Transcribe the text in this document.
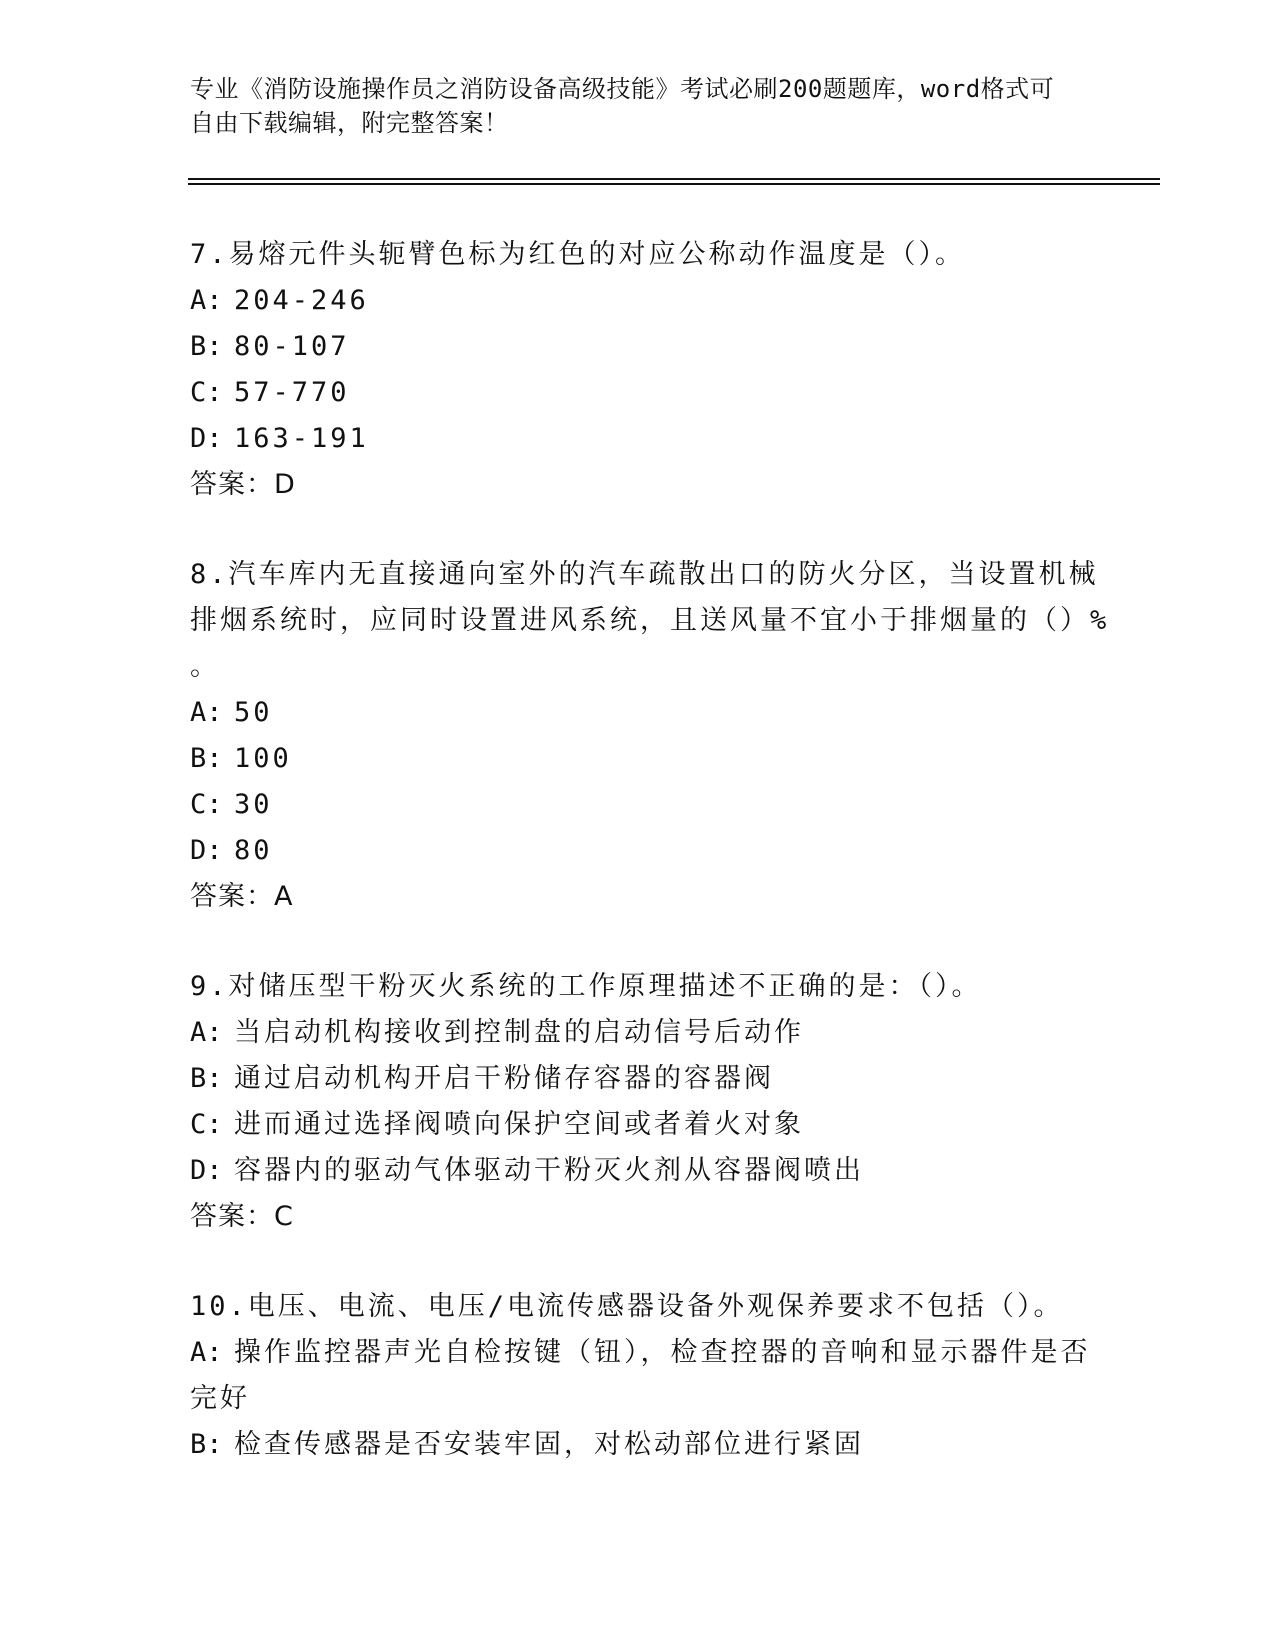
专业《消防设施操作员之消防设备高级技能》考试必刷200题题库，word格式可
自由下载编辑，附完整答案！
7.易熔元件头轭臂色标为红色的对应公称动作温度是（）。
A: 204-246
B: 80-107
C: 57-770
D: 163-191
答案：D
8.汽车库内无直接通向室外的汽车疏散出口的防火分区，当设置机械
排烟系统时，应同时设置进风系统，且送风量不宜小于排烟量的（）%
。
A: 50
B: 100
C: 30
D: 80
答案：A
9.对储压型干粉灭火系统的工作原理描述不正确的是：（）。
A: 当启动机构接收到控制盘的启动信号后动作
B: 通过启动机构开启干粉储存容器的容器阀
C: 进而通过选择阀喷向保护空间或者着火对象
D: 容器内的驱动气体驱动干粉灭火剂从容器阀喷出
答案：C
10.电压、电流、电压/电流传感器设备外观保养要求不包括（）。
A: 操作监控器声光自检按键（钮），检查控器的音响和显示器件是否
完好
B: 检查传感器是否安装牢固，对松动部位进行紧固
